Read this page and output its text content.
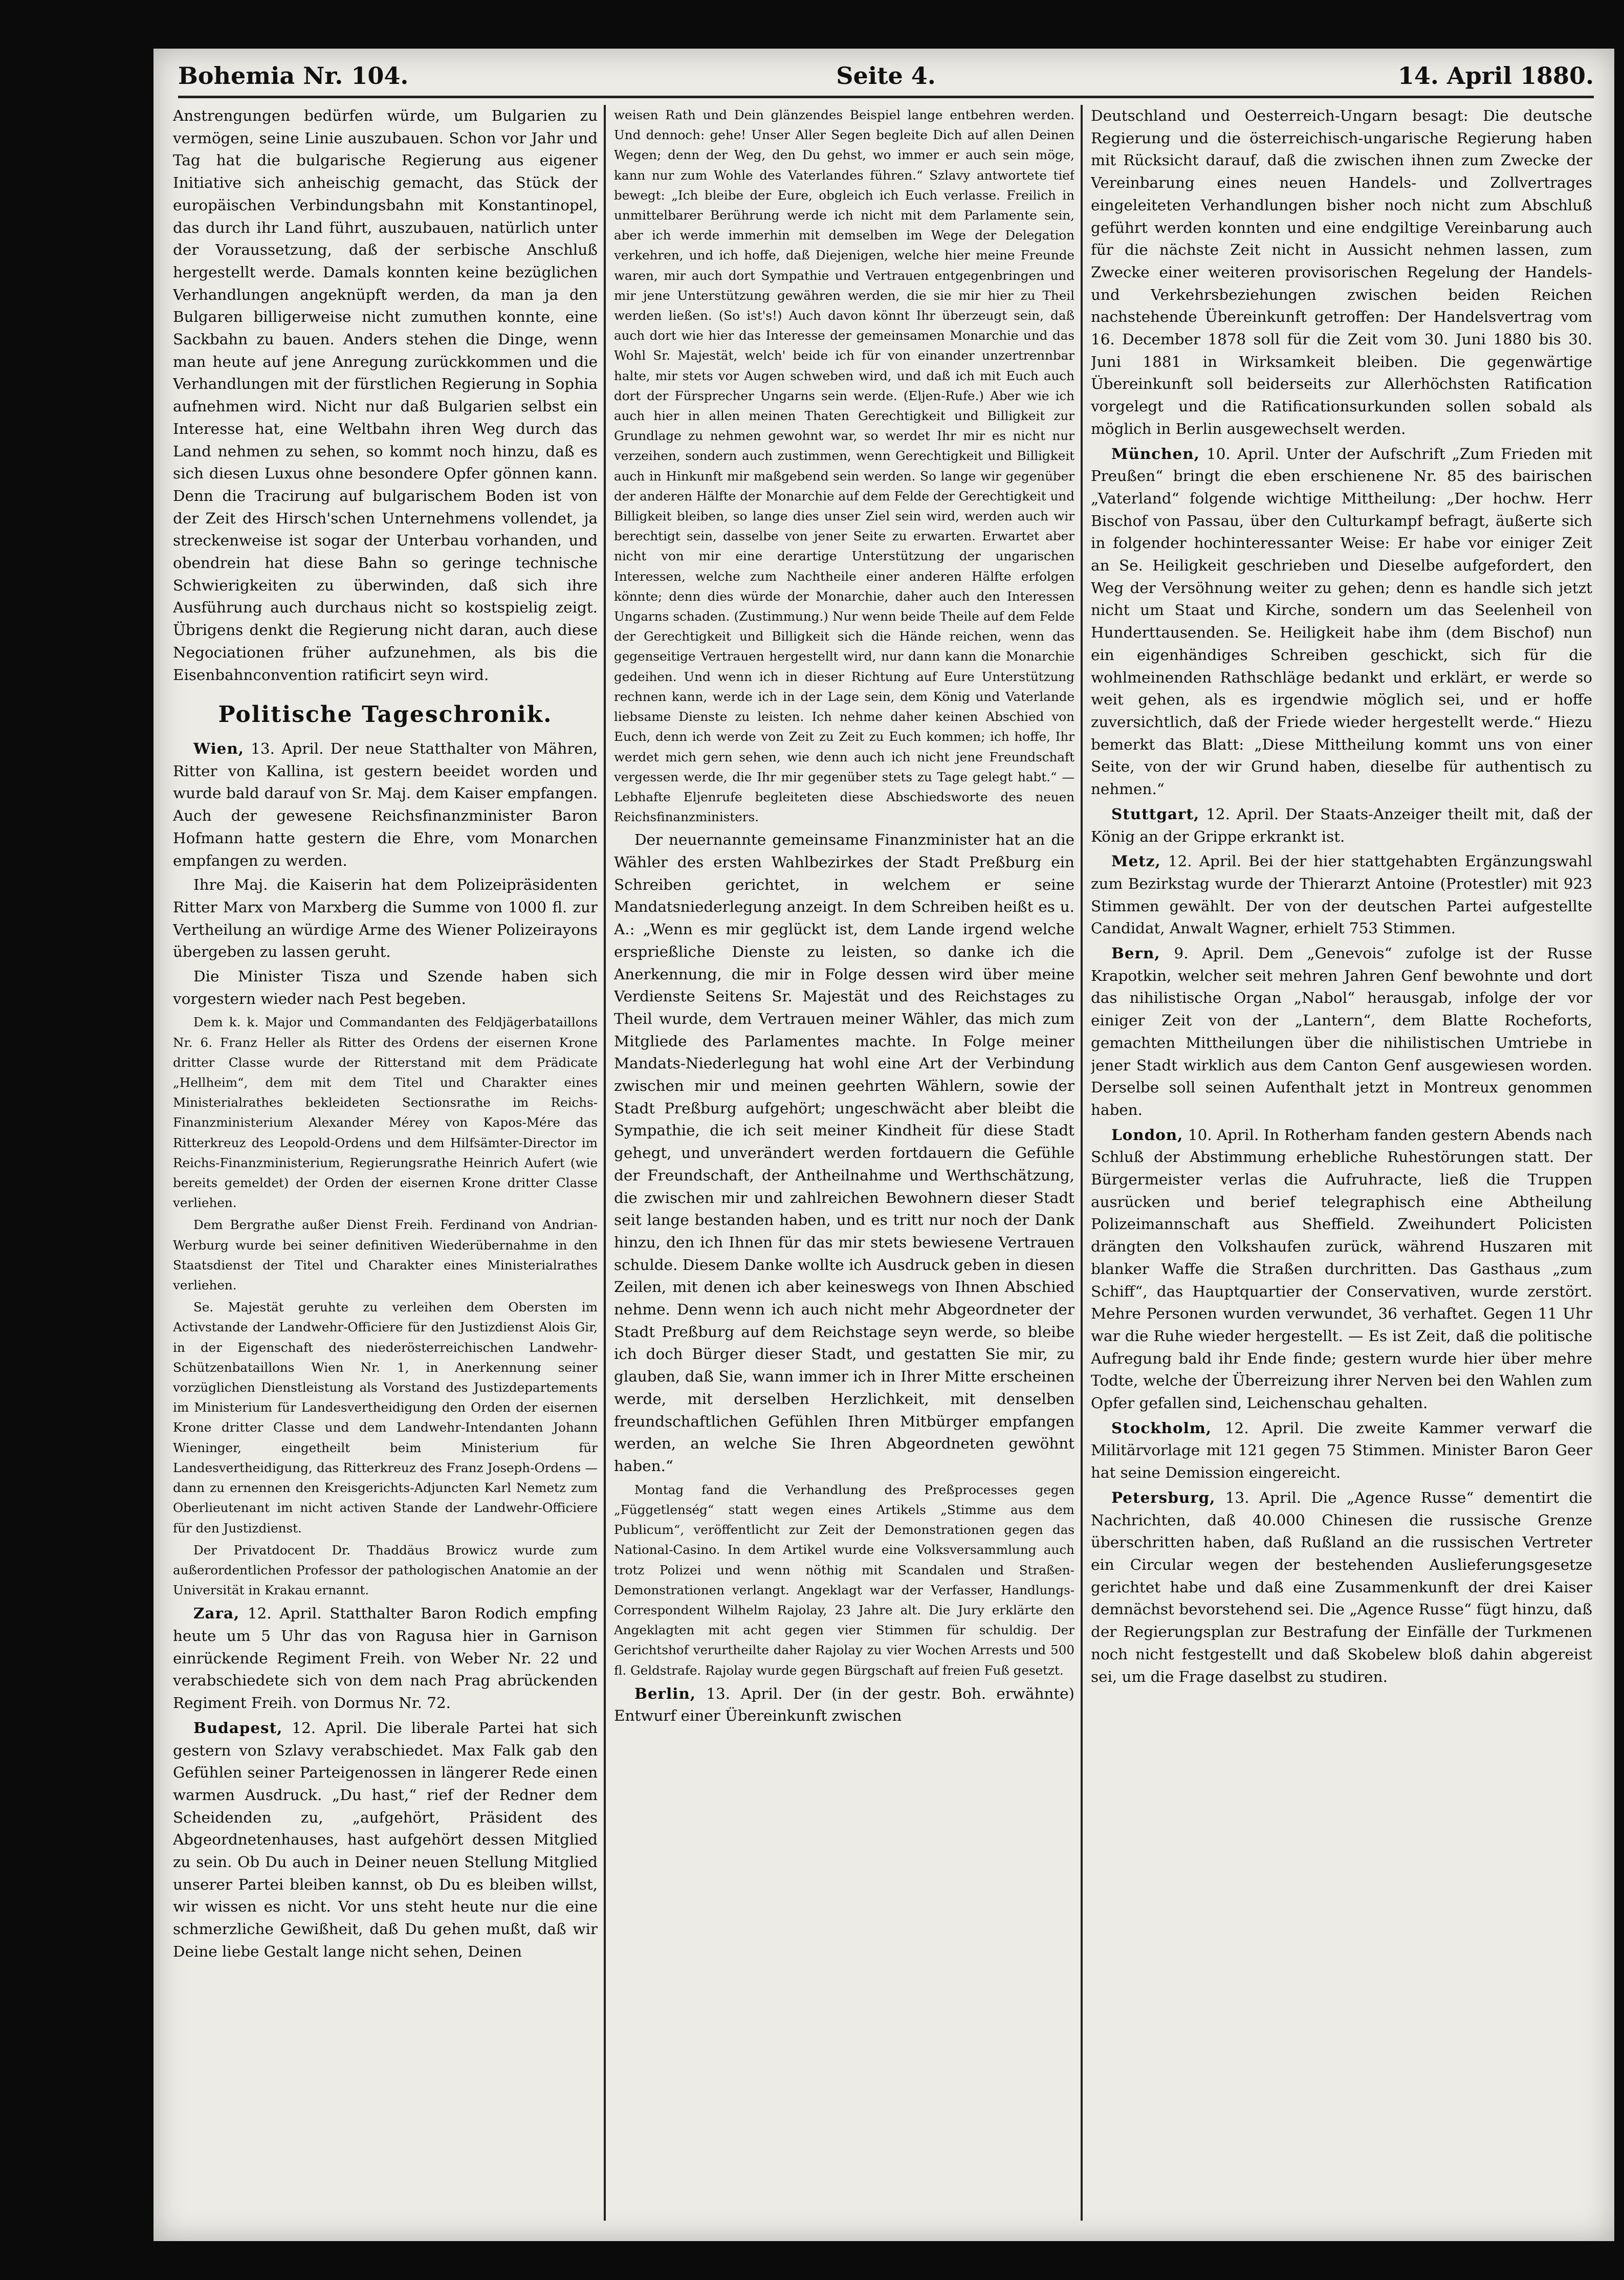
Bohemia Nr. 104.	Seite 4.	14. April 1880.

Anstrengungen bedürfen würde, um Bulgarien zu vermögen, seine Linie auszubauen. Schon vor Jahr und Tag hat die bulgarische Regierung aus eigener Initiative sich anheischig gemacht, das Stück der europäischen Verbindungsbahn mit Konstantinopel, das durch ihr Land führt, auszubauen, natürlich unter der Voraussetzung, daß der serbische Anschluß hergestellt werde. Damals konnten keine bezüglichen Verhandlungen angeknüpft werden, da man ja den Bulgaren billigerweise nicht zumuthen konnte, eine Sackbahn zu bauen. Anders stehen die Dinge, wenn man heute auf jene Anregung zurückkommen und die Verhandlungen mit der fürstlichen Regierung in Sophia aufnehmen wird. Nicht nur daß Bulgarien selbst ein Interesse hat, eine Weltbahn ihren Weg durch das Land nehmen zu sehen, so kommt noch hinzu, daß es sich diesen Luxus ohne besondere Opfer gönnen kann. Denn die Tracirung auf bulgarischem Boden ist von der Zeit des Hirsch'schen Unternehmens vollendet, ja streckenweise ist sogar der Unterbau vorhanden, und obendrein hat diese Bahn so geringe technische Schwierigkeiten zu überwinden, daß sich ihre Ausführung auch durchaus nicht so kostspielig zeigt. Übrigens denkt die Regierung nicht daran, auch diese Negociationen früher aufzunehmen, als bis die Eisenbahnconvention ratificirt seyn wird.

Politische Tageschronik.

Wien, 13. April. Der neue Statthalter von Mähren, Ritter von Kallina, ist gestern beeidet worden und wurde bald darauf von Sr. Maj. dem Kaiser empfangen. Auch der gewesene Reichsfinanzminister Baron Hofmann hatte gestern die Ehre, vom Monarchen empfangen zu werden.

Ihre Maj. die Kaiserin hat dem Polizeipräsidenten Ritter Marx von Marxberg die Summe von 1000 fl. zur Vertheilung an würdige Arme des Wiener Polizeirayons übergeben zu lassen geruht.

Die Minister Tisza und Szende haben sich vorgestern wieder nach Pest begeben.

Dem k. k. Major und Commandanten des Feldjägerbataillons Nr. 6. Franz Heller als Ritter des Ordens der eisernen Krone dritter Classe wurde der Ritterstand mit dem Prädicate „Hellheim“, dem mit dem Titel und Charakter eines Ministerialrathes bekleideten Sectionsrathe im Reichs-Finanzministerium Alexander Mérey von Kapos-Mére das Ritterkreuz des Leopold-Ordens und dem Hilfsämter-Director im Reichs-Finanzministerium, Regierungsrathe Heinrich Aufert (wie bereits gemeldet) der Orden der eisernen Krone dritter Classe verliehen.

Dem Bergrathe außer Dienst Freih. Ferdinand von Andrian-Werburg wurde bei seiner definitiven Wiederübernahme in den Staatsdienst der Titel und Charakter eines Ministerialrathes verliehen.

Se. Majestät geruhte zu verleihen dem Obersten im Activstande der Landwehr-Officiere für den Justizdienst Alois Gir, in der Eigenschaft des niederösterreichischen Landwehr-Schützenbataillons Wien Nr. 1, in Anerkennung seiner vorzüglichen Dienstleistung als Vorstand des Justizdepartements im Ministerium für Landesvertheidigung den Orden der eisernen Krone dritter Classe und dem Landwehr-Intendanten Johann Wieninger, eingetheilt beim Ministerium für Landesvertheidigung, das Ritterkreuz des Franz Joseph-Ordens — dann zu ernennen den Kreisgerichts-Adjuncten Karl Nemetz zum Oberlieutenant im nicht activen Stande der Landwehr-Officiere für den Justizdienst.

Der Privatdocent Dr. Thaddäus Browicz wurde zum außerordentlichen Professor der pathologischen Anatomie an der Universität in Krakau ernannt.

Zara, 12. April. Statthalter Baron Rodich empfing heute um 5 Uhr das von Ragusa hier in Garnison einrückende Regiment Freih. von Weber Nr. 22 und verabschiedete sich von dem nach Prag abrückenden Regiment Freih. von Dormus Nr. 72.

Budapest, 12. April. Die liberale Partei hat sich gestern von Szlavy verabschiedet. Max Falk gab den Gefühlen seiner Parteigenossen in längerer Rede einen warmen Ausdruck. „Du hast,“ rief der Redner dem Scheidenden zu, „aufgehört, Präsident des Abgeordnetenhauses, hast aufgehört dessen Mitglied zu sein. Ob Du auch in Deiner neuen Stellung Mitglied unserer Partei bleiben kannst, ob Du es bleiben willst, wir wissen es nicht. Vor uns steht heute nur die eine schmerzliche Gewißheit, daß Du gehen mußt, daß wir Deine liebe Gestalt lange nicht sehen, Deinen

weisen Rath und Dein glänzendes Beispiel lange entbehren werden. Und dennoch: gehe! Unser Aller Segen begleite Dich auf allen Deinen Wegen; denn der Weg, den Du gehst, wo immer er auch sein möge, kann nur zum Wohle des Vaterlandes führen.“ Szlavy antwortete tief bewegt: „Ich bleibe der Eure, obgleich ich Euch verlasse. Freilich in unmittelbarer Berührung werde ich nicht mit dem Parlamente sein, aber ich werde immerhin mit demselben im Wege der Delegation verkehren, und ich hoffe, daß Diejenigen, welche hier meine Freunde waren, mir auch dort Sympathie und Vertrauen entgegenbringen und mir jene Unterstützung gewähren werden, die sie mir hier zu Theil werden ließen. (So ist's!) Auch davon könnt Ihr überzeugt sein, daß auch dort wie hier das Interesse der gemeinsamen Monarchie und das Wohl Sr. Majestät, welch' beide ich für von einander unzertrennbar halte, mir stets vor Augen schweben wird, und daß ich mit Euch auch dort der Fürsprecher Ungarns sein werde. (Eljen-Rufe.) Aber wie ich auch hier in allen meinen Thaten Gerechtigkeit und Billigkeit zur Grundlage zu nehmen gewohnt war, so werdet Ihr mir es nicht nur verzeihen, sondern auch zustimmen, wenn Gerechtigkeit und Billigkeit auch in Hinkunft mir maßgebend sein werden. So lange wir gegenüber der anderen Hälfte der Monarchie auf dem Felde der Gerechtigkeit und Billigkeit bleiben, so lange dies unser Ziel sein wird, werden auch wir berechtigt sein, dasselbe von jener Seite zu erwarten. Erwartet aber nicht von mir eine derartige Unterstützung der ungarischen Interessen, welche zum Nachtheile einer anderen Hälfte erfolgen könnte; denn dies würde der Monarchie, daher auch den Interessen Ungarns schaden. (Zustimmung.) Nur wenn beide Theile auf dem Felde der Gerechtigkeit und Billigkeit sich die Hände reichen, wenn das gegenseitige Vertrauen hergestellt wird, nur dann kann die Monarchie gedeihen. Und wenn ich in dieser Richtung auf Eure Unterstützung rechnen kann, werde ich in der Lage sein, dem König und Vaterlande liebsame Dienste zu leisten. Ich nehme daher keinen Abschied von Euch, denn ich werde von Zeit zu Zeit zu Euch kommen; ich hoffe, Ihr werdet mich gern sehen, wie denn auch ich nicht jene Freundschaft vergessen werde, die Ihr mir gegenüber stets zu Tage gelegt habt.“ — Lebhafte Eljenrufe begleiteten diese Abschiedsworte des neuen Reichsfinanzministers.

Der neuernannte gemeinsame Finanzminister hat an die Wähler des ersten Wahlbezirkes der Stadt Preßburg ein Schreiben gerichtet, in welchem er seine Mandatsniederlegung anzeigt. In dem Schreiben heißt es u. A.: „Wenn es mir geglückt ist, dem Lande irgend welche ersprießliche Dienste zu leisten, so danke ich die Anerkennung, die mir in Folge dessen wird über meine Verdienste Seitens Sr. Majestät und des Reichstages zu Theil wurde, dem Vertrauen meiner Wähler, das mich zum Mitgliede des Parlamentes machte. In Folge meiner Mandats-Niederlegung hat wohl eine Art der Verbindung zwischen mir und meinen geehrten Wählern, sowie der Stadt Preßburg aufgehört; ungeschwächt aber bleibt die Sympathie, die ich seit meiner Kindheit für diese Stadt gehegt, und unverändert werden fortdauern die Gefühle der Freundschaft, der Antheilnahme und Werthschätzung, die zwischen mir und zahlreichen Bewohnern dieser Stadt seit lange bestanden haben, und es tritt nur noch der Dank hinzu, den ich Ihnen für das mir stets bewiesene Vertrauen schulde. Diesem Danke wollte ich Ausdruck geben in diesen Zeilen, mit denen ich aber keineswegs von Ihnen Abschied nehme. Denn wenn ich auch nicht mehr Abgeordneter der Stadt Preßburg auf dem Reichstage seyn werde, so bleibe ich doch Bürger dieser Stadt, und gestatten Sie mir, zu glauben, daß Sie, wann immer ich in Ihrer Mitte erscheinen werde, mit derselben Herzlichkeit, mit denselben freundschaftlichen Gefühlen Ihren Mitbürger empfangen werden, an welche Sie Ihren Abgeordneten gewöhnt haben.“

Montag fand die Verhandlung des Preßprocesses gegen „Függetlenség“ statt wegen eines Artikels „Stimme aus dem Publicum“, veröffentlicht zur Zeit der Demonstrationen gegen das National-Casino. In dem Artikel wurde eine Volksversammlung auch trotz Polizei und wenn nöthig mit Scandalen und Straßen-Demonstrationen verlangt. Angeklagt war der Verfasser, Handlungs-Correspondent Wilhelm Rajolay, 23 Jahre alt. Die Jury erklärte den Angeklagten mit acht gegen vier Stimmen für schuldig. Der Gerichtshof verurtheilte daher Rajolay zu vier Wochen Arrests und 500 fl. Geldstrafe. Rajolay wurde gegen Bürgschaft auf freien Fuß gesetzt.

Berlin, 13. April. Der (in der gestr. Boh. erwähnte) Entwurf einer Übereinkunft zwischen

Deutschland und Oesterreich-Ungarn besagt: Die deutsche Regierung und die österreichisch-ungarische Regierung haben mit Rücksicht darauf, daß die zwischen ihnen zum Zwecke der Vereinbarung eines neuen Handels- und Zollvertrages eingeleiteten Verhandlungen bisher noch nicht zum Abschluß geführt werden konnten und eine endgiltige Vereinbarung auch für die nächste Zeit nicht in Aussicht nehmen lassen, zum Zwecke einer weiteren provisorischen Regelung der Handels- und Verkehrsbeziehungen zwischen beiden Reichen nachstehende Übereinkunft getroffen: Der Handelsvertrag vom 16. December 1878 soll für die Zeit vom 30. Juni 1880 bis 30. Juni 1881 in Wirksamkeit bleiben. Die gegenwärtige Übereinkunft soll beiderseits zur Allerhöchsten Ratification vorgelegt und die Ratificationsurkunden sollen sobald als möglich in Berlin ausgewechselt werden.

München, 10. April. Unter der Aufschrift „Zum Frieden mit Preußen“ bringt die eben erschienene Nr. 85 des bairischen „Vaterland“ folgende wichtige Mittheilung: „Der hochw. Herr Bischof von Passau, über den Culturkampf befragt, äußerte sich in folgender hochinteressanter Weise: Er habe vor einiger Zeit an Se. Heiligkeit geschrieben und Dieselbe aufgefordert, den Weg der Versöhnung weiter zu gehen; denn es handle sich jetzt nicht um Staat und Kirche, sondern um das Seelenheil von Hunderttausenden. Se. Heiligkeit habe ihm (dem Bischof) nun ein eigenhändiges Schreiben geschickt, sich für die wohlmeinenden Rathschläge bedankt und erklärt, er werde so weit gehen, als es irgendwie möglich sei, und er hoffe zuversichtlich, daß der Friede wieder hergestellt werde.“ Hiezu bemerkt das Blatt: „Diese Mittheilung kommt uns von einer Seite, von der wir Grund haben, dieselbe für authentisch zu nehmen.“

Stuttgart, 12. April. Der Staats-Anzeiger theilt mit, daß der König an der Grippe erkrankt ist.

Metz, 12. April. Bei der hier stattgehabten Ergänzungswahl zum Bezirkstag wurde der Thierarzt Antoine (Protestler) mit 923 Stimmen gewählt. Der von der deutschen Partei aufgestellte Candidat, Anwalt Wagner, erhielt 753 Stimmen.

Bern, 9. April. Dem „Genevois“ zufolge ist der Russe Krapotkin, welcher seit mehren Jahren Genf bewohnte und dort das nihilistische Organ „Nabol“ herausgab, infolge der vor einiger Zeit von der „Lantern“, dem Blatte Rocheforts, gemachten Mittheilungen über die nihilistischen Umtriebe in jener Stadt wirklich aus dem Canton Genf ausgewiesen worden. Derselbe soll seinen Aufenthalt jetzt in Montreux genommen haben.

London, 10. April. In Rotherham fanden gestern Abends nach Schluß der Abstimmung erhebliche Ruhestörungen statt. Der Bürgermeister verlas die Aufruhracte, ließ die Truppen ausrücken und berief telegraphisch eine Abtheilung Polizeimannschaft aus Sheffield. Zweihundert Policisten drängten den Volkshaufen zurück, während Huszaren mit blanker Waffe die Straßen durchritten. Das Gasthaus „zum Schiff“, das Hauptquartier der Conservativen, wurde zerstört. Mehre Personen wurden verwundet, 36 verhaftet. Gegen 11 Uhr war die Ruhe wieder hergestellt. — Es ist Zeit, daß die politische Aufregung bald ihr Ende finde; gestern wurde hier über mehre Todte, welche der Überreizung ihrer Nerven bei den Wahlen zum Opfer gefallen sind, Leichenschau gehalten.

Stockholm, 12. April. Die zweite Kammer verwarf die Militärvorlage mit 121 gegen 75 Stimmen. Minister Baron Geer hat seine Demission eingereicht.

Petersburg, 13. April. Die „Agence Russe“ dementirt die Nachrichten, daß 40.000 Chinesen die russische Grenze überschritten haben, daß Rußland an die russischen Vertreter ein Circular wegen der bestehenden Auslieferungsgesetze gerichtet habe und daß eine Zusammenkunft der drei Kaiser demnächst bevorstehend sei. Die „Agence Russe“ fügt hinzu, daß der Regierungsplan zur Bestrafung der Einfälle der Turkmenen noch nicht festgestellt und daß Skobelew bloß dahin abgereist sei, um die Frage daselbst zu studiren.
